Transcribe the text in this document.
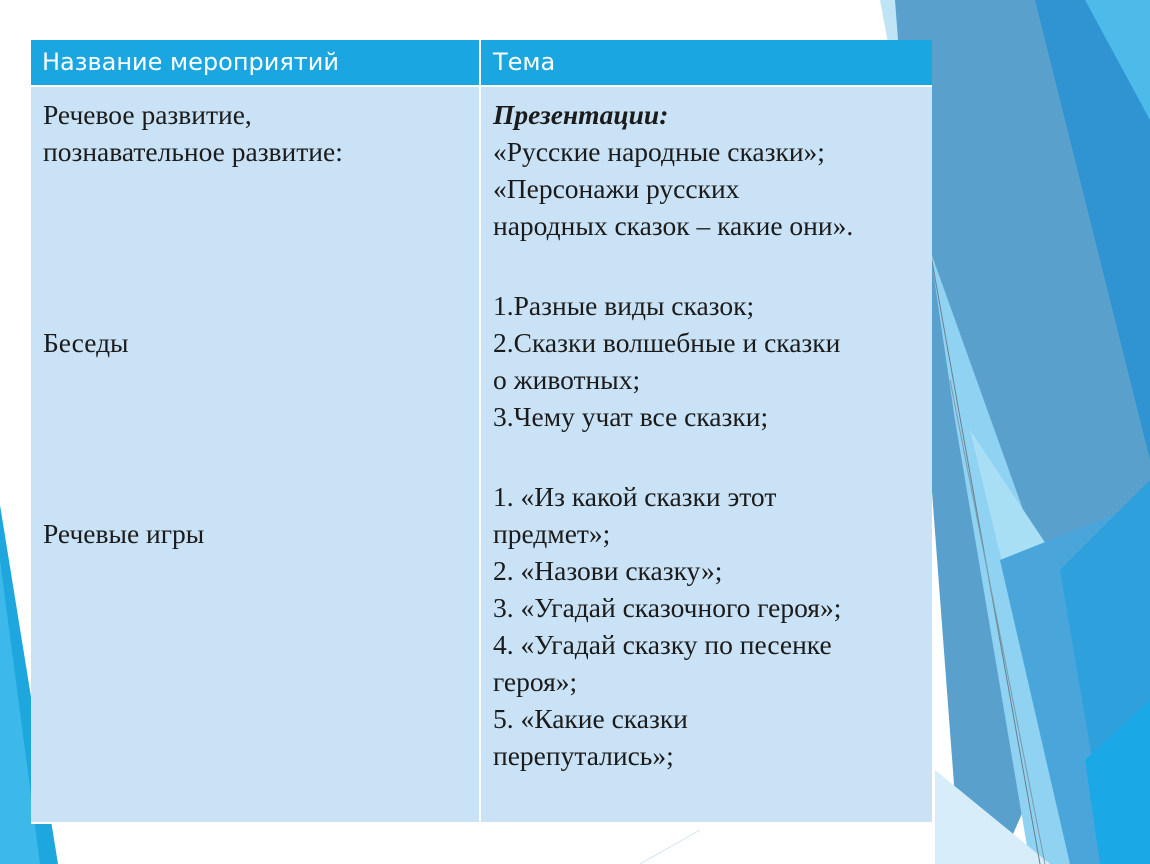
Название мероприятий	Тема
Речевое развитие,
познавательное развитие:
Беседы
Речевые игры
Презентации:
«Русские народные сказки»;
«Персонажи русских
народных сказок – какие они».
1.Разные виды сказок;
2.Сказки волшебные и сказки
о животных;
3.Чему учат все сказки;
1. «Из какой сказки этот
предмет»;
2. «Назови сказку»;
3. «Угадай сказочного героя»;
4. «Угадай сказку по песенке
героя»;
5. «Какие сказки
перепутались»;
